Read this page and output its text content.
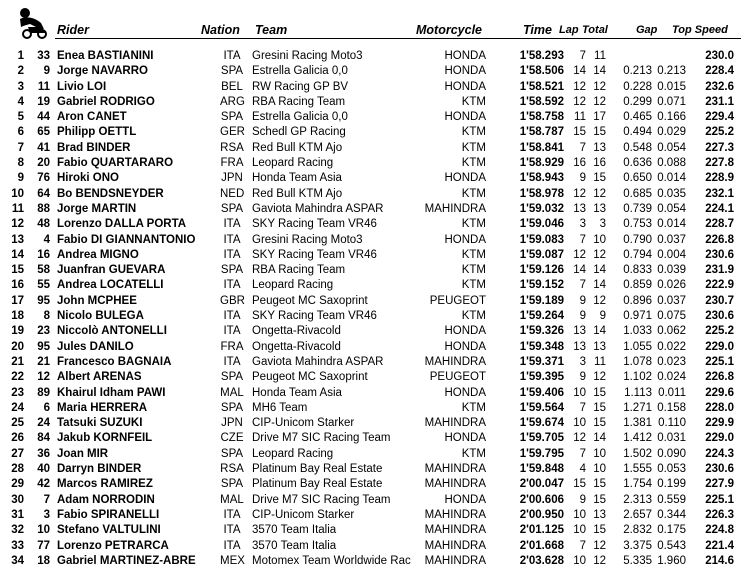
Rider	Nation Team	Motorcycle	Time Lap Total	Gap Top Speed
1	33 Enea BASTIANINI	ITA Gresini Racing Moto3	HONDA	1'58.293	7 11	230.0
2	9 Jorge NAVARRO	SPA Estrella Galicia 0,0	HONDA	1'58.506 14 14	0.213 0.213	228.4
3	11 Livio LOI	BEL RW Racing GP BV	HONDA	1'58.521 12 12	0.228 0.015	232.6
4	19 Gabriel RODRIGO	ARG RBA Racing Team	KTM	1'58.592 12 12	0.299 0.071	231.1
5	44 Aron CANET	SPA Estrella Galicia 0,0	HONDA	1'58.758 11 17	0.465 0.166	229.4
6	65 Philipp OETTL	GER Schedl GP Racing	KTM	1'58.787 15 15	0.494 0.029	225.2
7	41 Brad BINDER	RSA Red Bull KTM Ajo	KTM	1'58.841	7 13	0.548 0.054	227.3
8	20 Fabio QUARTARARO	FRA Leopard Racing	KTM	1'58.929 16 16	0.636 0.088	227.8
9	76 Hiroki ONO	JPN Honda Team Asia	HONDA	1'58.943	9 15	0.650 0.014	228.9
10	64 Bo BENDSNEYDER	NED Red Bull KTM Ajo	KTM	1'58.978 12 12	0.685 0.035	232.1
11	88 Jorge MARTIN	SPA Gaviota Mahindra ASPAR	MAHINDRA	1'59.032 13 13	0.739 0.054	224.1
12	48 Lorenzo DALLA PORTA	ITA SKY Racing Team VR46	KTM	1'59.046	3	3	0.753 0.014	228.7
13	4 Fabio DI GIANNANTONIO	ITA Gresini Racing Moto3	HONDA	1'59.083	7 10	0.790 0.037	226.8
14	16 Andrea MIGNO	ITA SKY Racing Team VR46	KTM	1'59.087 12 12	0.794 0.004	230.6
15	58 Juanfran GUEVARA	SPA RBA Racing Team	KTM	1'59.126 14 14	0.833 0.039	231.9
16	55 Andrea LOCATELLI	ITA Leopard Racing	KTM	1'59.152	7 14	0.859 0.026	222.9
17	95 John MCPHEE	GBR Peugeot MC Saxoprint	PEUGEOT	1'59.189	9 12	0.896 0.037	230.7
18	8 Nicolo BULEGA	ITA SKY Racing Team VR46	KTM	1'59.264	9	9	0.971 0.075	230.6
19	23 Niccolò ANTONELLI	ITA Ongetta-Rivacold	HONDA	1'59.326 13 14	1.033 0.062	225.2
20	95 Jules DANILO	FRA Ongetta-Rivacold	HONDA	1'59.348 13 13	1.055 0.022	229.0
21	21 Francesco BAGNAIA	ITA Gaviota Mahindra ASPAR	MAHINDRA	1'59.371	3 11	1.078 0.023	225.1
22	12 Albert ARENAS	SPA Peugeot MC Saxoprint	PEUGEOT	1'59.395	9 12	1.102 0.024	226.8
23	89 Khairul Idham PAWI	MAL Honda Team Asia	HONDA	1'59.406 10 15	1.113 0.011	229.6
24	6 Maria HERRERA	SPA MH6 Team	KTM	1'59.564	7 15	1.271 0.158	228.0
25	24 Tatsuki SUZUKI	JPN CIP-Unicom Starker	MAHINDRA	1'59.674 10 15	1.381 0.110	229.9
26	84 Jakub KORNFEIL	CZE Drive M7 SIC Racing Team	HONDA	1'59.705 12 14	1.412 0.031	229.0
27	36 Joan MIR	SPA Leopard Racing	KTM	1'59.795	7 10	1.502 0.090	224.3
28	40 Darryn BINDER	RSA Platinum Bay Real Estate	MAHINDRA	1'59.848	4 10	1.555 0.053	230.6
29	42 Marcos RAMIREZ	SPA Platinum Bay Real Estate	MAHINDRA	2'00.047 15 15	1.754 0.199	227.9
30	7 Adam NORRODIN	MAL Drive M7 SIC Racing Team	HONDA	2'00.606	9 15	2.313 0.559	225.1
31	3 Fabio SPIRANELLI	ITA CIP-Unicom Starker	MAHINDRA	2'00.950 10 13	2.657 0.344	226.3
32	10 Stefano VALTULINI	ITA 3570 Team Italia	MAHINDRA	2'01.125 10 15	2.832 0.175	224.8
33	77 Lorenzo PETRARCA	ITA 3570 Team Italia	MAHINDRA	2'01.668	7 12	3.375 0.543	221.4
34	18 Gabriel MARTINEZ-ABRE MEX Motomex Team Worldwide Rac	MAHINDRA	2'03.628 10 12	5.335 1.960	214.6
